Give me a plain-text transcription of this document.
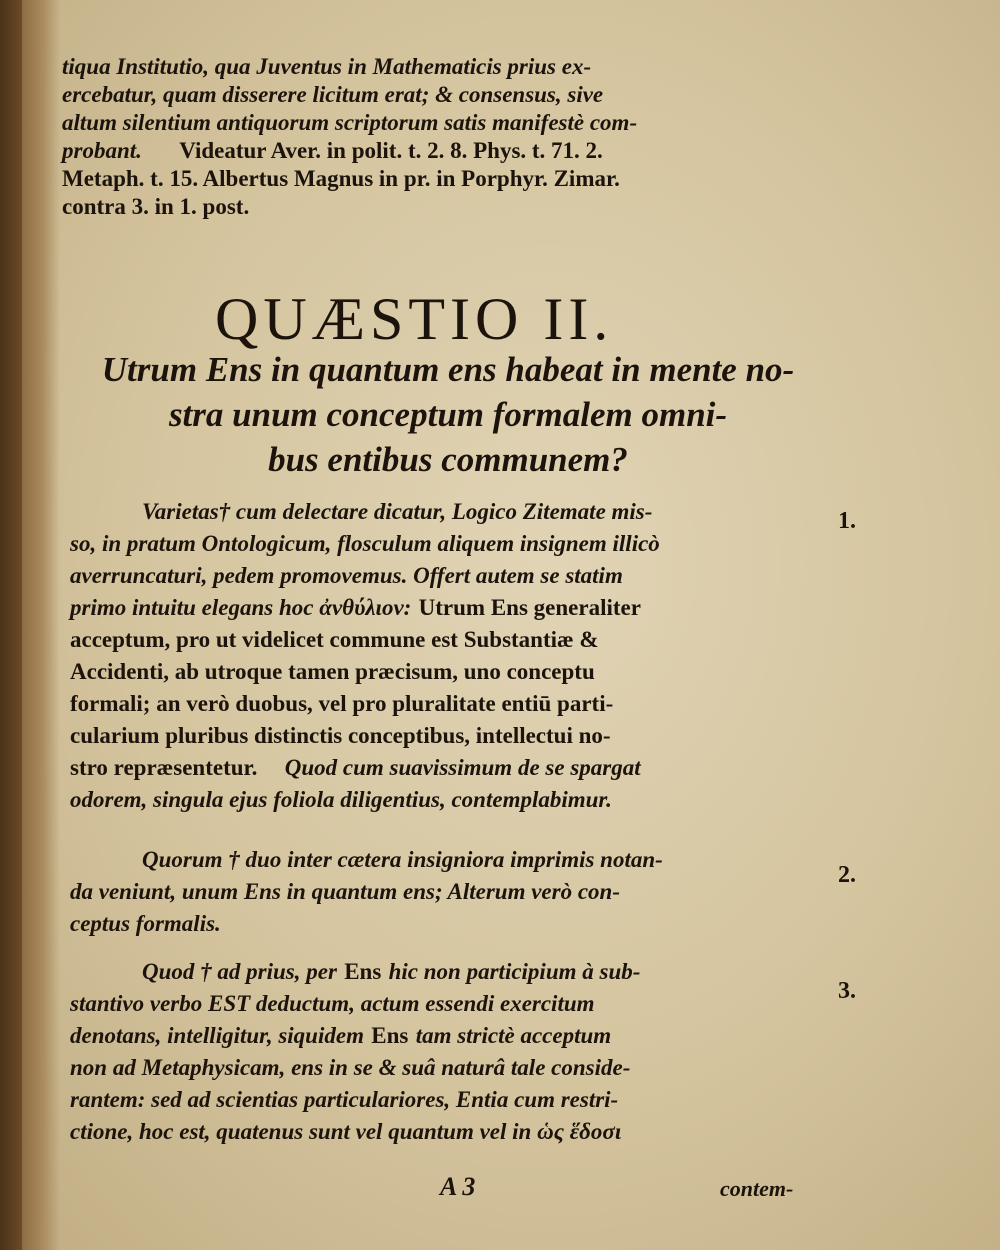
tiqua Institutio, qua Juventus in Mathematicis prius ex-

ercebatur, quam disserere licitum erat; & consensus, sive

altum silentium antiquorum scriptorum satis manifestè com-

probant. Videatur Aver. in polit. t. 2. 8. Phys. t. 71. 2.

Metaph. t. 15. Albertus Magnus in pr. in Porphyr. Zimar.

contra 3. in 1. post.

QUÆSTIO II.

Utrum Ens in quantum ens habeat in mente no-

stra unum conceptum formalem omni-

bus entibus communem?

Varietas† cum delectare dicatur, Logico Zitemate mis-

so, in pratum Ontologicum, flosculum aliquem insignem illicò

averruncaturi, pedem promovemus. Offert autem se statim

primo intuitu elegans hoc ἀνθύλιον: Utrum Ens generaliter

acceptum, pro ut videlicet commune est Substantiæ &

Accidenti, ab utroque tamen præcisum, uno conceptu

formali; an verò duobus, vel pro pluralitate entiū parti-

cularium pluribus distinctis conceptibus, intellectui no-

stro repræsentetur. Quod cum suavissimum de se spargat

odorem, singula ejus foliola diligentius, contemplabimur.

1.

Quorum † duo inter cætera insigniora imprimis notan-

da veniunt, unum Ens in quantum ens; Alterum verò con-

ceptus formalis.

2.

Quod † ad prius, per Ens hic non participium à sub-

stantivo verbo EST deductum, actum essendi exercitum

denotans, intelligitur, siquidem Ens tam strictè acceptum

non ad Metaphysicam, ens in se & suâ naturâ tale conside-

rantem: sed ad scientias particulariores, Entia cum restri-

ctione, hoc est, quatenus sunt vel quantum vel in ὡς ἕδοσι

3.
A 3	contem-
